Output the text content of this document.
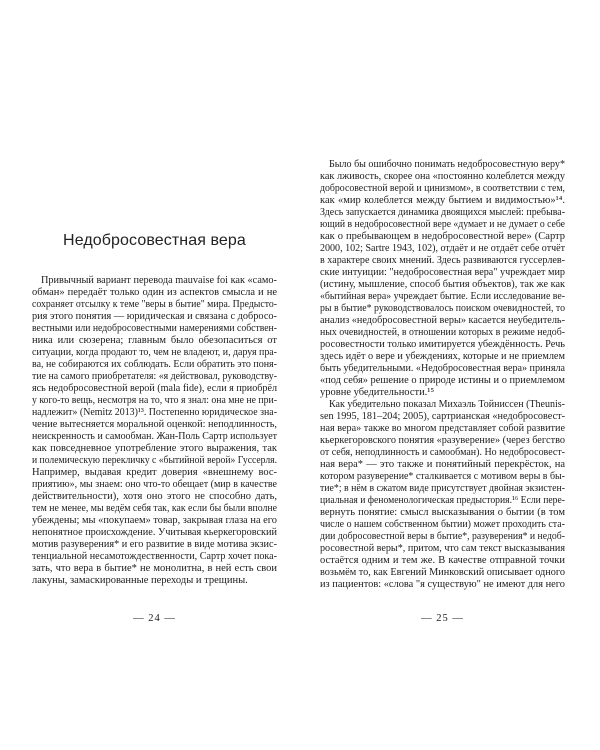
Недобросовестная вера
Привычный вариант перевода mauvaise foi как «само-
обман» передаёт только один из аспектов смысла и не
сохраняет отсылку к теме "веры в бытие" мира. Предысто-
рия этого понятия — юридическая и связана с добросо-
вестными или недобросовестными намерениями собствен-
ника или сюзерена; главным было обезопаситься от
ситуации, когда продают то, чем не владеют, и, даруя пра-
ва, не собираются их соблюдать. Если обратить это поня-
тие на самого приобретателя: «я действовал, руководству-
ясь недобросовестной верой (mala fide), если я приобрёл
у кого-то вещь, несмотря на то, что я знал: она мне не при-
надлежит» (Nemitz 2013)¹³. Постепенно юридическое зна-
чение вытесняется моральной оценкой: неподлинность,
неискренность и самообман. Жан-Поль Сартр использует
как повседневное употребление этого выражения, так
и полемическую перекличку с «бытийной верой» Гуссерля.
Например, выдавая кредит доверия «внешнему вос-
приятию», мы знаем: оно что-то обещает (мир в качестве
действительности), хотя оно этого не способно дать,
тем не менее, мы ведём себя так, как если бы были вполне
убеждены; мы «покупаем» товар, закрывая глаза на его
непонятное происхождение. Учитывая кьеркегоровский
мотив разуверения* и его развитие в виде мотива экзис-
тенциальной несамотождественности, Сартр хочет пока-
зать, что вера в бытие* не монолитна, в ней есть свои
лакуны, замаскированные переходы и трещины.
— 24 —
Было бы ошибочно понимать недобросовестную веру*
как лживость, скорее она «постоянно колеблется между
добросовестной верой и цинизмом», в соответствии с тем,
как «мир колеблется между бытием и видимостью»¹⁴.
Здесь запускается динамика двоящихся мыслей: пребыва-
ющий в недобросовестной вере «думает и не думает о себе
как о пребывающем в недобросовестной вере» (Сартр
2000, 102; Sartre 1943, 102), отдаёт и не отдаёт себе отчёт
в характере своих мнений. Здесь развиваются гуссерлев-
ские интуиции: "недобросовестная вера" учреждает мир
(истину, мышление, способ бытия объектов), так же как
«бытийная вера» учреждает бытие. Если исследование ве-
ры в бытие* руководствовалось поиском очевидностей, то
анализ «недобросовестной веры» касается неубедитель-
ных очевидностей, в отношении которых в режиме недоб-
росовестности только имитируется убеждённость. Речь
здесь идёт о вере и убеждениях, которые и не приемлем
быть убедительными. «Недобросовестная вера» приняла
«под себя» решение о природе истины и о приемлемом
уровне убедительности.¹⁵
Как убедительно показал Михаэль Тойниссен (Theunis-
sen 1995, 181–204; 2005), сартрианская «недобросовест-
ная вера» также во многом представляет собой развитие
кьеркегоровского понятия «разуверение» (через бегство
от себя, неподлинность и самообман). Но недобросовест-
ная вера* — это также и понятийный перекрёсток, на
котором разуверение* сталкивается с мотивом веры в бы-
тие*; в нём в сжатом виде присутствует двойная экзистен-
циальная и феноменологическая предыстория.¹⁶ Если пере-
вернуть понятие: смысл высказывания о бытии (в том
числе о нашем собственном бытии) может проходить ста-
дии добросовестной веры в бытие*, разуверения* и недоб-
росовестной веры*, притом, что сам текст высказывания
остаётся одним и тем же. В качестве отправной точки
возьмём то, как Евгений Минковский описывает одного
из пациентов: «слова "я существую" не имеют для него
— 25 —
